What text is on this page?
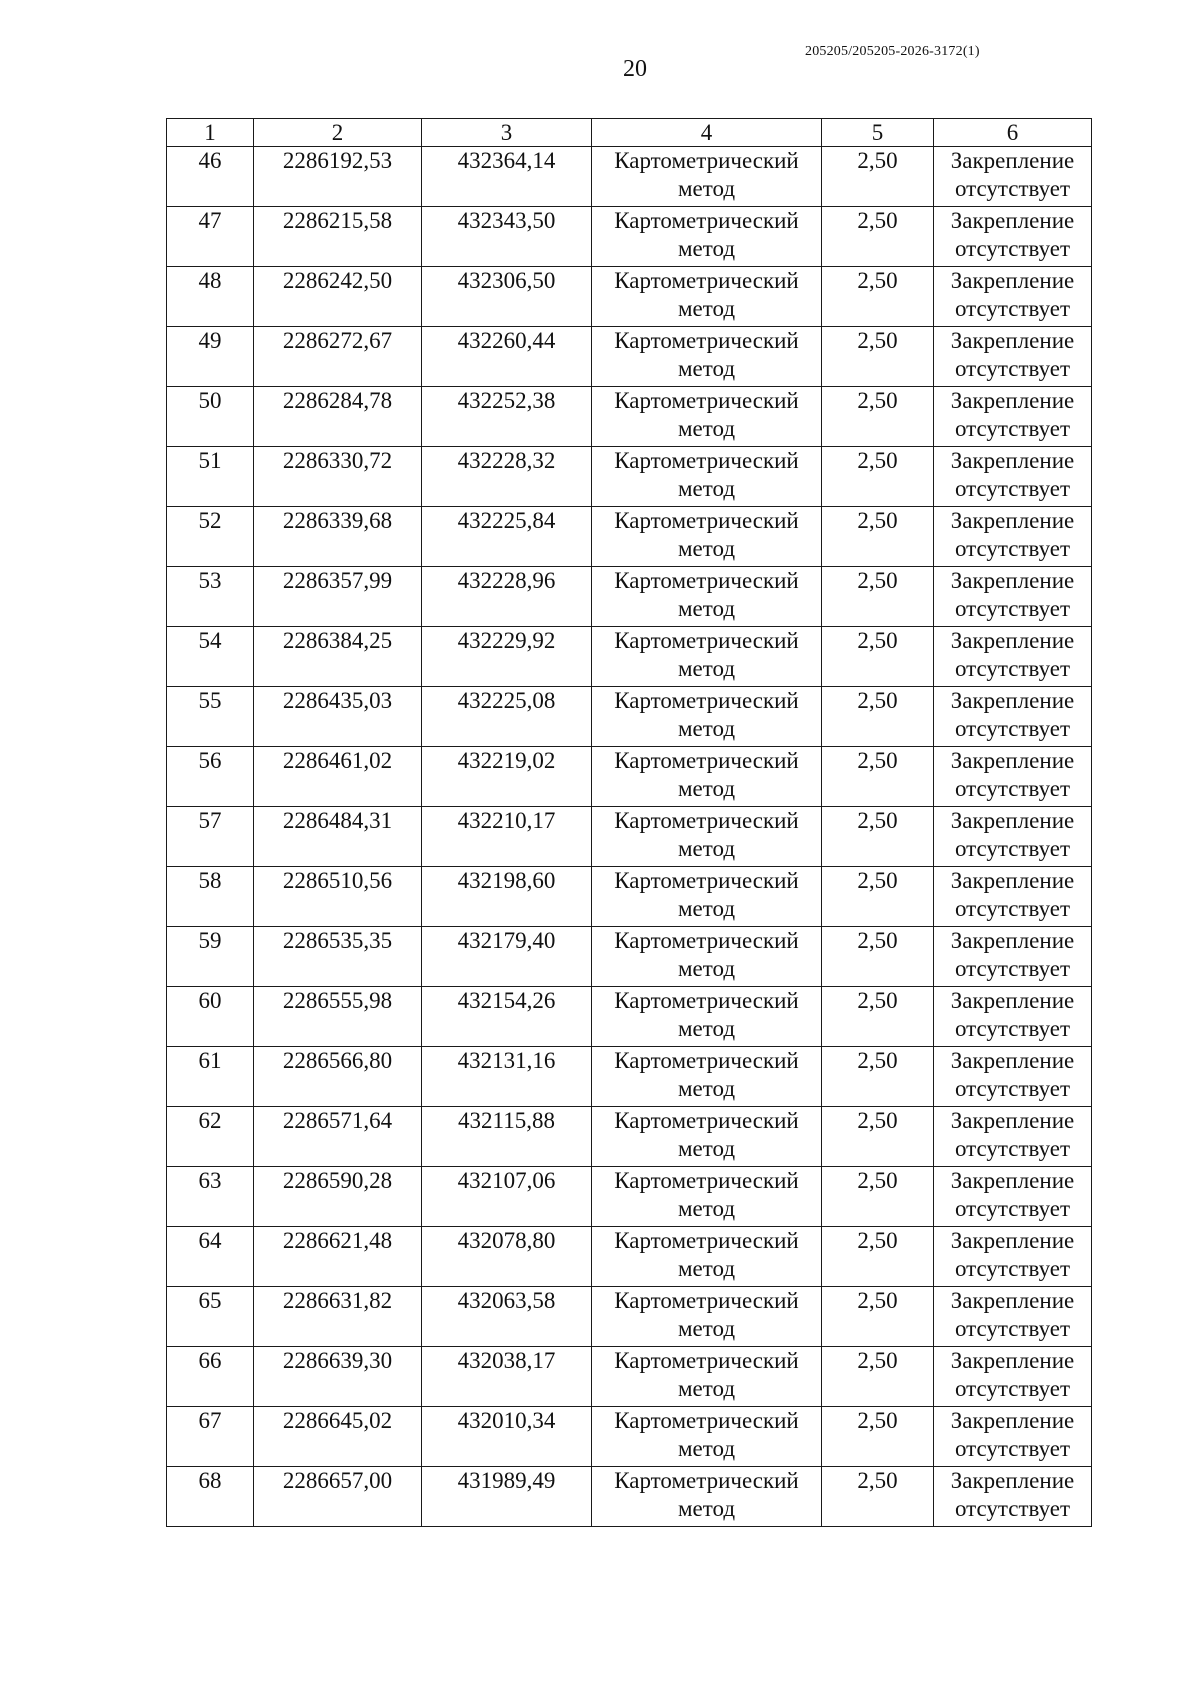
20
205205/205205-2026-3172(1)
1	2	3	4	5	6
46	2286192,53	432364,14	Картометрический метод	2,50	Закрепление отсутствует
47	2286215,58	432343,50	Картометрический метод	2,50	Закрепление отсутствует
48	2286242,50	432306,50	Картометрический метод	2,50	Закрепление отсутствует
49	2286272,67	432260,44	Картометрический метод	2,50	Закрепление отсутствует
50	2286284,78	432252,38	Картометрический метод	2,50	Закрепление отсутствует
51	2286330,72	432228,32	Картометрический метод	2,50	Закрепление отсутствует
52	2286339,68	432225,84	Картометрический метод	2,50	Закрепление отсутствует
53	2286357,99	432228,96	Картометрический метод	2,50	Закрепление отсутствует
54	2286384,25	432229,92	Картометрический метод	2,50	Закрепление отсутствует
55	2286435,03	432225,08	Картометрический метод	2,50	Закрепление отсутствует
56	2286461,02	432219,02	Картометрический метод	2,50	Закрепление отсутствует
57	2286484,31	432210,17	Картометрический метод	2,50	Закрепление отсутствует
58	2286510,56	432198,60	Картометрический метод	2,50	Закрепление отсутствует
59	2286535,35	432179,40	Картометрический метод	2,50	Закрепление отсутствует
60	2286555,98	432154,26	Картометрический метод	2,50	Закрепление отсутствует
61	2286566,80	432131,16	Картометрический метод	2,50	Закрепление отсутствует
62	2286571,64	432115,88	Картометрический метод	2,50	Закрепление отсутствует
63	2286590,28	432107,06	Картометрический метод	2,50	Закрепление отсутствует
64	2286621,48	432078,80	Картометрический метод	2,50	Закрепление отсутствует
65	2286631,82	432063,58	Картометрический метод	2,50	Закрепление отсутствует
66	2286639,30	432038,17	Картометрический метод	2,50	Закрепление отсутствует
67	2286645,02	432010,34	Картометрический метод	2,50	Закрепление отсутствует
68	2286657,00	431989,49	Картометрический метод	2,50	Закрепление отсутствует
